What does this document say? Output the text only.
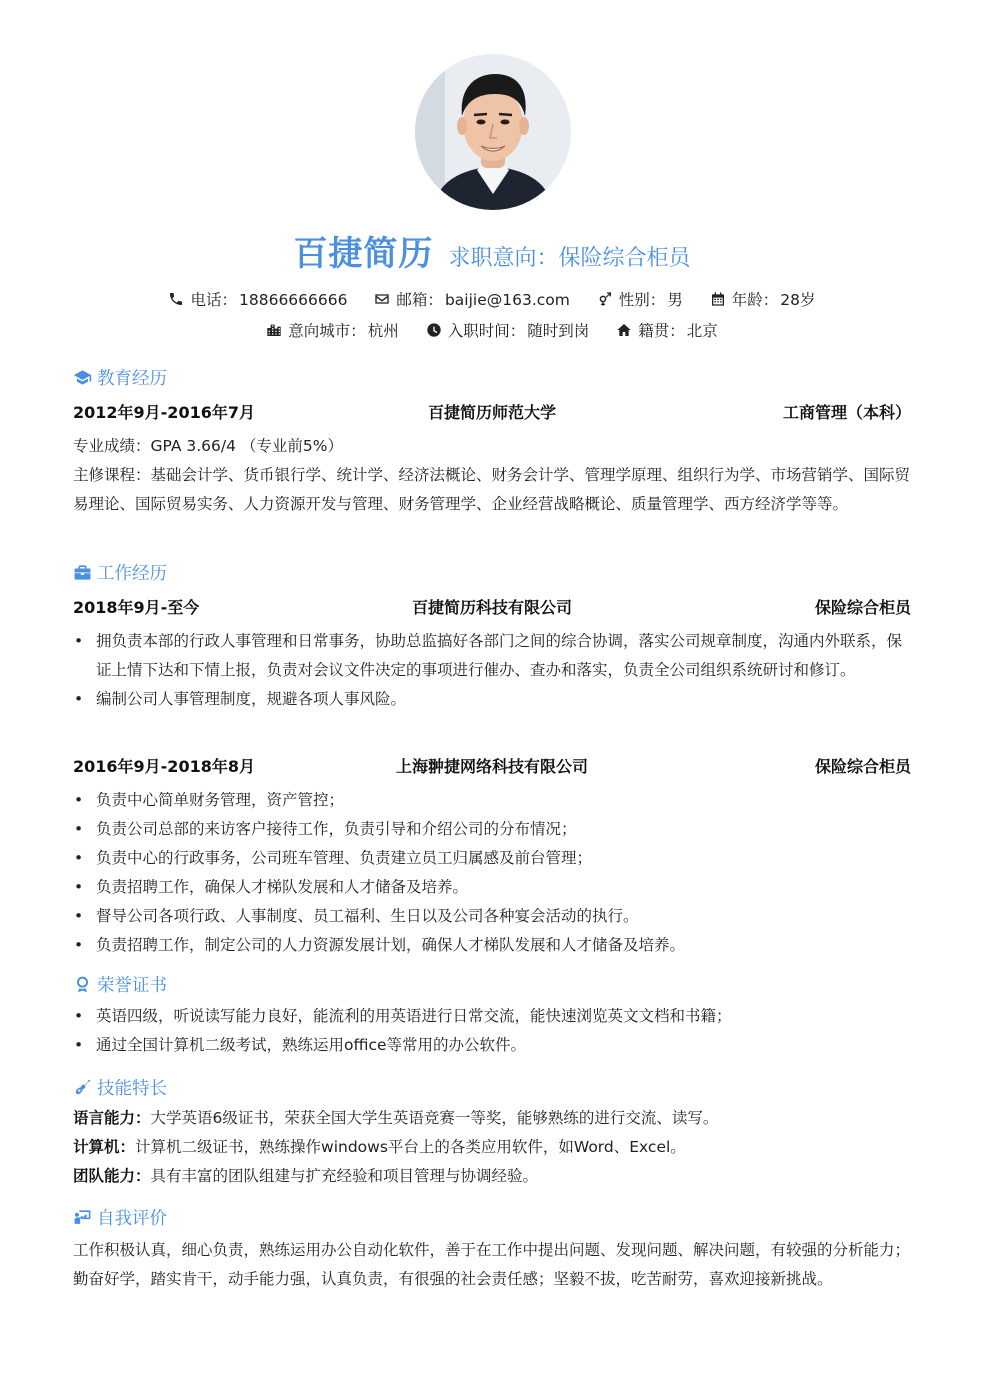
百捷简历 求职意向：保险综合柜员
电话： 18866666666	邮箱： baijie@163.com	性别： 男	年龄： 28岁
意向城市： 杭州	入职时间： 随时到岗	籍贯： 北京
教育经历
2012年9月-2016年7月	百捷简历师范大学	工商管理（本科）
专业成绩：GPA 3.66/4 （专业前5%）
主修课程：基础会计学、货币银行学、统计学、经济法概论、财务会计学、管理学原理、组织行为学、市场营销学、国际贸易理论、国际贸易实务、人力资源开发与管理、财务管理学、企业经营战略概论、质量管理学、西方经济学等等。
工作经历
2018年9月-至今	百捷简历科技有限公司	保险综合柜员
• 拥负责本部的行政人事管理和日常事务，协助总监搞好各部门之间的综合协调，落实公司规章制度，沟通内外联系，保证上情下达和下情上报，负责对会议文件决定的事项进行催办、查办和落实，负责全公司组织系统研讨和修订。
• 编制公司人事管理制度，规避各项人事风险。
2016年9月-2018年8月	上海翀捷网络科技有限公司	保险综合柜员
• 负责中心简单财务管理，资产管控；
• 负责公司总部的来访客户接待工作，负责引导和介绍公司的分布情况；
• 负责中心的行政事务，公司班车管理、负责建立员工归属感及前台管理；
• 负责招聘工作，确保人才梯队发展和人才储备及培养。
• 督导公司各项行政、人事制度、员工福利、生日以及公司各种宴会活动的执行。
• 负责招聘工作，制定公司的人力资源发展计划，确保人才梯队发展和人才储备及培养。
荣誉证书
• 英语四级，听说读写能力良好，能流利的用英语进行日常交流，能快速浏览英文文档和书籍；
• 通过全国计算机二级考试，熟练运用office等常用的办公软件。
技能特长
语言能力：大学英语6级证书，荣获全国大学生英语竞赛一等奖，能够熟练的进行交流、读写。
计算机：计算机二级证书，熟练操作windows平台上的各类应用软件，如Word、Excel。
团队能力：具有丰富的团队组建与扩充经验和项目管理与协调经验。
自我评价
工作积极认真，细心负责，熟练运用办公自动化软件，善于在工作中提出问题、发现问题、解决问题，有较强的分析能力；勤奋好学，踏实肯干，动手能力强，认真负责，有很强的社会责任感；坚毅不拔，吃苦耐劳，喜欢迎接新挑战。
